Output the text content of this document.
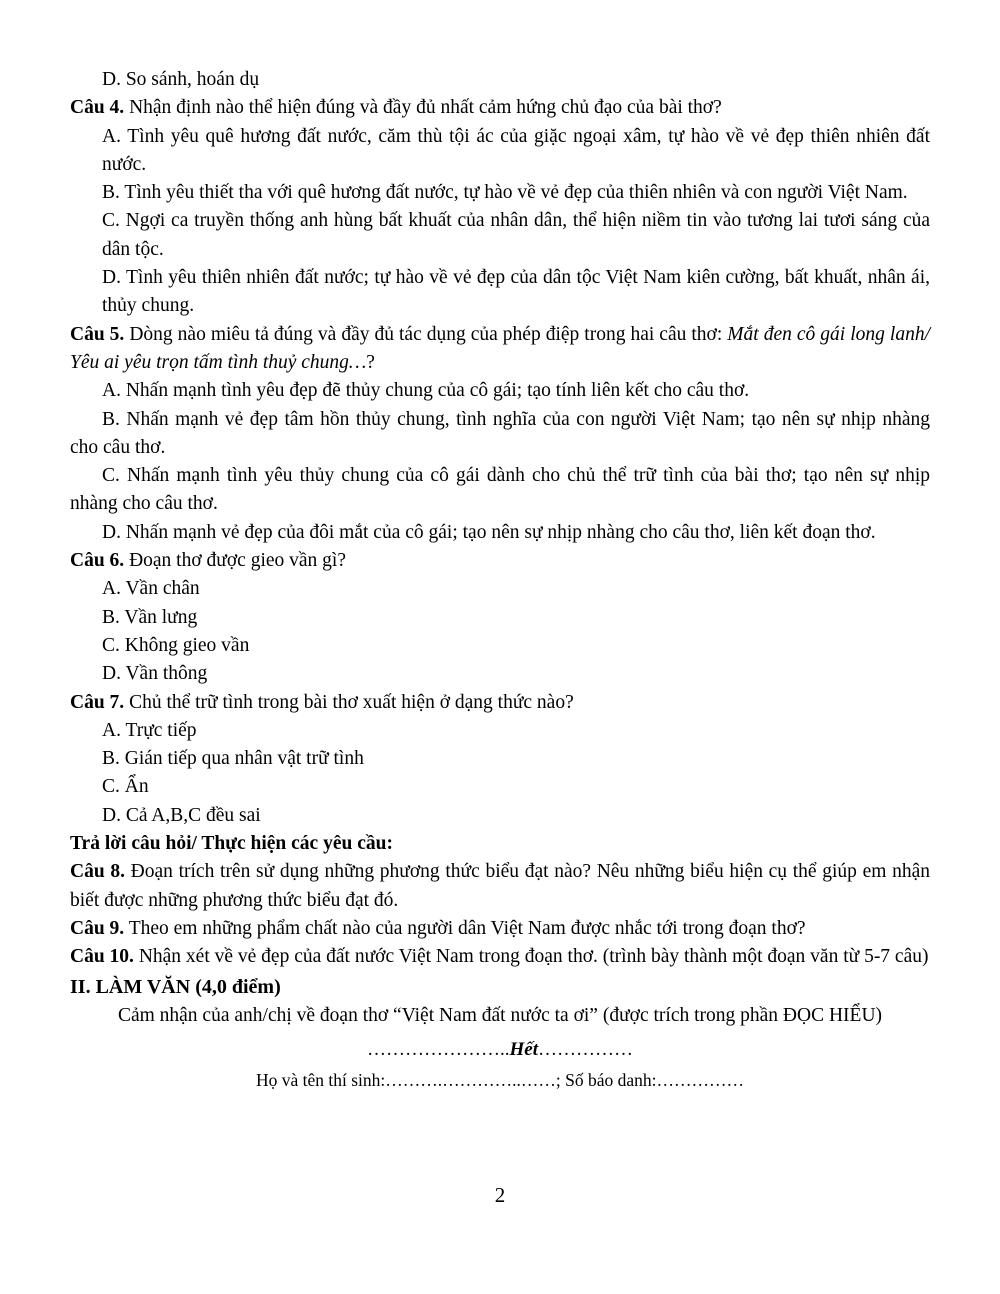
D. So sánh, hoán dụ

Câu 4. Nhận định nào thể hiện đúng và đầy đủ nhất cảm hứng chủ đạo của bài thơ?

A. Tình yêu quê hương đất nước, căm thù tội ác của giặc ngoại xâm, tự hào về vẻ đẹp thiên nhiên đất nước.

B. Tình yêu thiết tha với quê hương đất nước, tự hào về vẻ đẹp của thiên nhiên và con người Việt Nam.

C. Ngợi ca truyền thống anh hùng bất khuất của nhân dân, thể hiện niềm tin vào tương lai tươi sáng của dân tộc.

D. Tình yêu thiên nhiên đất nước; tự hào về vẻ đẹp của dân tộc Việt Nam kiên cường, bất khuất, nhân ái, thủy chung.

Câu 5. Dòng nào miêu tả đúng và đầy đủ tác dụng của phép điệp trong hai câu thơ: Mắt đen cô gái long lanh/ Yêu ai yêu trọn tấm tình thuỷ chung…?

A. Nhấn mạnh tình yêu đẹp đẽ thủy chung của cô gái; tạo tính liên kết cho câu thơ.

B. Nhấn mạnh vẻ đẹp tâm hồn thủy chung, tình nghĩa của con người Việt Nam; tạo nên sự nhịp nhàng cho câu thơ.

C. Nhấn mạnh tình yêu thủy chung của cô gái dành cho chủ thể trữ tình của bài thơ; tạo nên sự nhịp nhàng cho câu thơ.

D. Nhấn mạnh vẻ đẹp của đôi mắt của cô gái; tạo nên sự nhịp nhàng cho câu thơ, liên kết đoạn thơ.

Câu 6. Đoạn thơ được gieo vần gì?

A. Vần chân

B. Vần lưng

C. Không gieo vần

D. Vần thông

Câu 7. Chủ thể trữ tình trong bài thơ xuất hiện ở dạng thức nào?

A. Trực tiếp

B. Gián tiếp qua nhân vật trữ tình

C. Ẩn

D. Cả A,B,C đều sai

Trả lời câu hỏi/ Thực hiện các yêu cầu:

Câu 8. Đoạn trích trên sử dụng những phương thức biểu đạt nào? Nêu những biểu hiện cụ thể giúp em nhận biết được những phương thức biểu đạt đó.

Câu 9. Theo em những phẩm chất nào của người dân Việt Nam được nhắc tới trong đoạn thơ?

Câu 10. Nhận xét về vẻ đẹp của đất nước Việt Nam trong đoạn thơ. (trình bày thành một đoạn văn từ 5-7 câu)

II. LÀM VĂN (4,0 điểm)

Cảm nhận của anh/chị về đoạn thơ “Việt Nam đất nước ta ơi” (được trích trong phần ĐỌC HIỂU)

…………………..Hết……………

Họ và tên thí sinh:……….…………..……; Số báo danh:……………

2
